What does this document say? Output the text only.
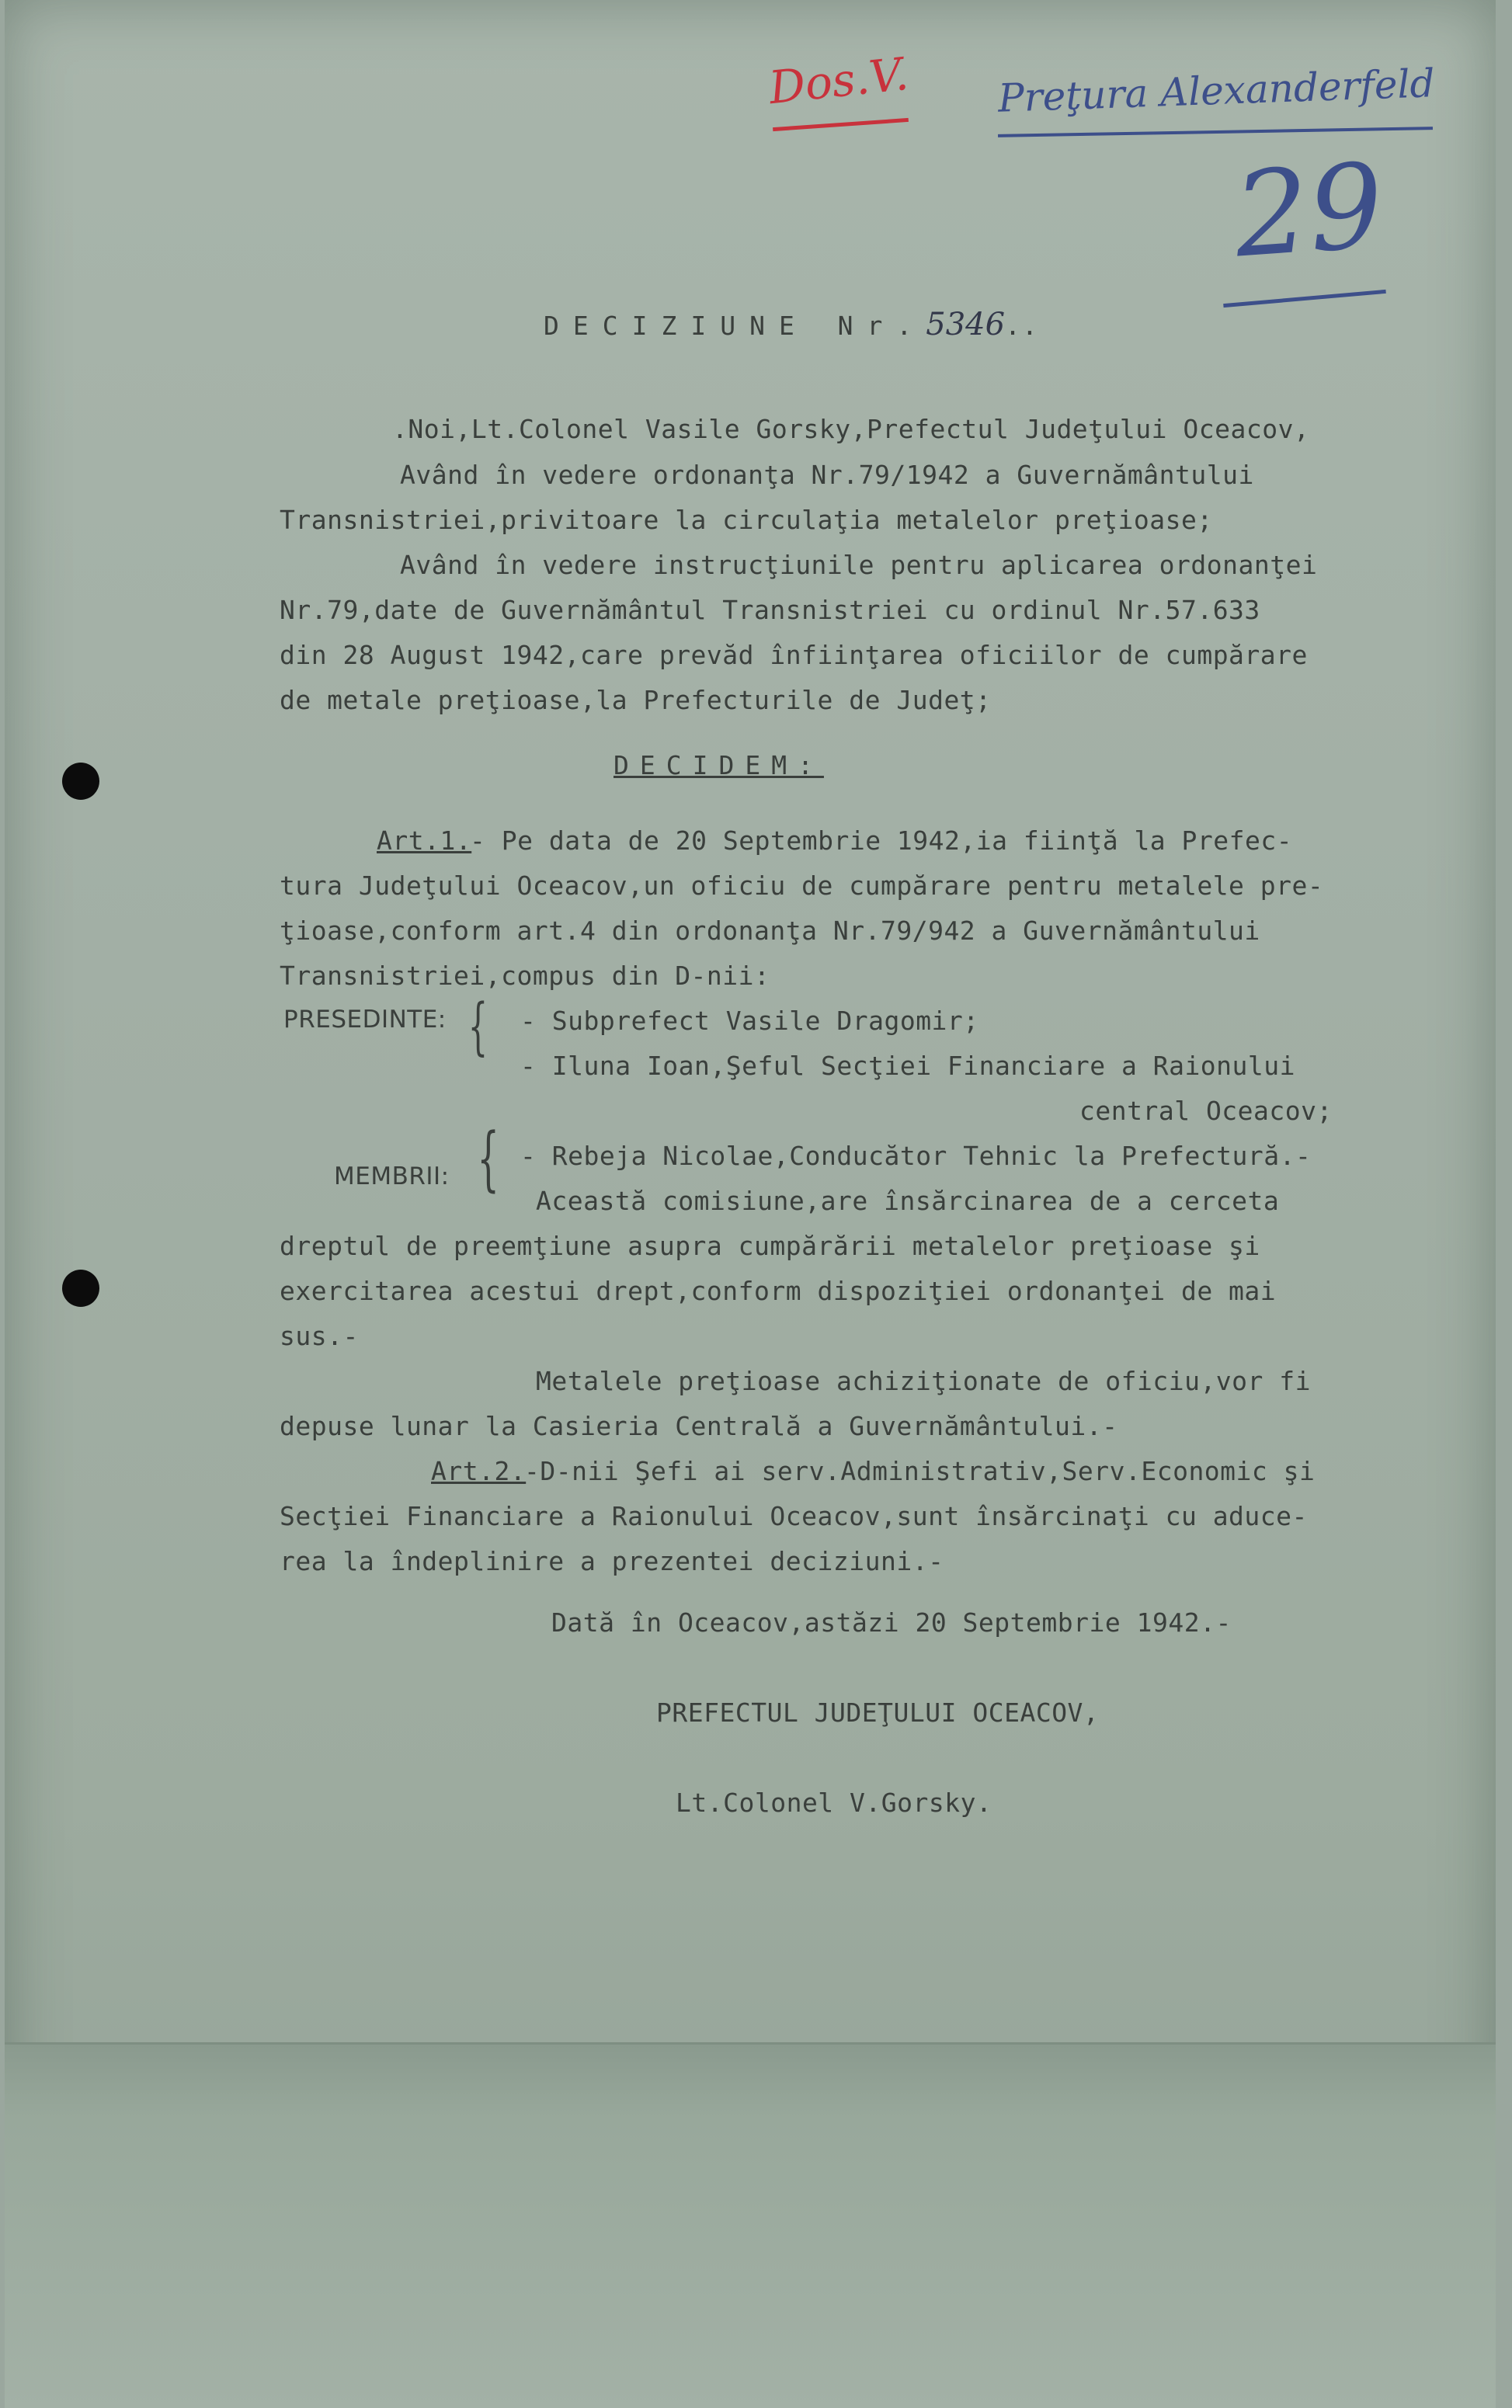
Dos.V. Preţura Alexanderfeld
29
DECIZIUNE Nr.5346..
.Noi,Lt.Colonel Vasile Gorsky,Prefectul Judeţului Oceacov,
Având în vedere ordonanţa Nr.79/1942 a Guvernământului
Transnistriei,privitoare la circulaţia metalelor preţioase;
Având în vedere instrucţiunile pentru aplicarea ordonanţei
Nr.79,date de Guvernământul Transnistriei cu ordinul Nr.57.633
din 28 August 1942,care prevăd înfiinţarea oficiilor de cumpărare
de metale preţioase,la Prefecturile de Judeţ;
DECIDEM:
Art.1.
- Pe data de 20 Septembrie 1942,ia fiinţă la Prefec-
tura Judeţului Oceacov,un oficiu de cumpărare pentru metalele pre-
ţioase,conform art.4 din ordonanţa Nr.79/942 a Guvernământului
Transnistriei,compus din D-nii:
PRESEDINTE: { - Subprefect Vasile Dragomir;
- Iluna Ioan,Şeful Secţiei Financiare a Raionului
central Oceacov;
{ - Rebeja Nicolae,Conducător Tehnic la Prefectură.-
MEMBRII:
Această comisiune,are însărcinarea de a cerceta
dreptul de preemţiune asupra cumpărării metalelor preţioase şi
exercitarea acestui drept,conform dispoziţiei ordonanţei de mai
sus.-
Metalele preţioase achiziţionate de oficiu,vor fi
depuse lunar la Casieria Centrală a Guvernământului.-
Art.2.
-D-nii Şefi ai serv.Administrativ,Serv.Economic şi
Secţiei Financiare a Raionului Oceacov,sunt însărcinaţi cu aduce-
rea la îndeplinire a prezentei deciziuni.-
Dată în Oceacov,astăzi 20 Septembrie 1942.-
PREFECTUL JUDEŢULUI OCEACOV,
Lt.Colonel V.Gorsky.
